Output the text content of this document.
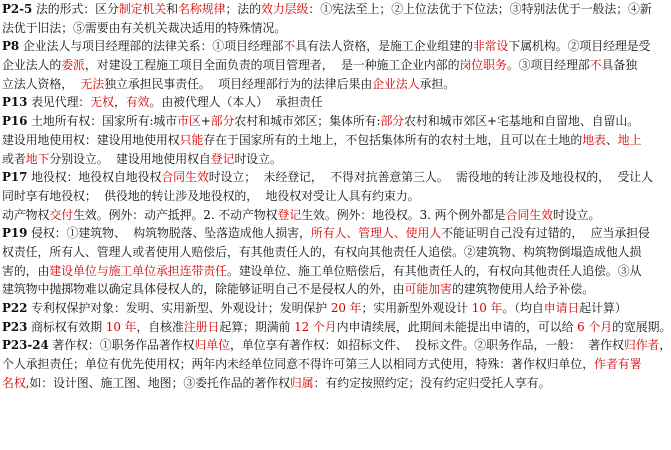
P2-5 法的形式：区分制定机关和名称规律；法的效力层级：①宪法至上；②上位法优于下位法；③特别法优于一般法；④新
法优于旧法；⑤需要由有关机关裁决适用的特殊情况。
P8 企业法人与项目经理部的法律关系：①项目经理部不具有法人资格，是施工企业组建的非常设下属机构。②项目经理是受
企业法人的委派，对建设工程施工项目全面负责的项目管理者，  是一种施工企业内部的岗位职务。③项目经理部不具备独
立法人资格，  无法独立承担民事责任。  项目经理部行为的法律后果由企业法人承担。
P13 表见代理：无权，有效。由被代理人（本人）  承担责任
P16 土地所有权：国家所有:城市市区+部分农村和城市郊区；集体所有:部分农村和城市郊区+宅基地和自留地、自留山。
建设用地使用权：建设用地使用权只能存在于国家所有的土地上，不包括集体所有的农村土地，且可以在土地的地表、地上
或者地下分别设立。  建设用地使用权自登记时设立。
P17 地役权：地役权自地役权合同生效时设立；  未经登记，  不得对抗善意第三人。  需役地的转让涉及地役权的，  受让人
同时享有地役权；  供役地的转让涉及地役权的，  地役权对受让人具有约束力。
动产物权交付生效。例外：动产抵押。2. 不动产物权登记生效。例外：地役权。3. 两个例外都是合同生效时设立。
P19 侵权：①建筑物、  构筑物脱落、坠落造成他人损害，所有人、管理人、使用人不能证明自己没有过错的，  应当承担侵
权责任，所有人、管理人或者使用人赔偿后，有其他责任人的，有权向其他责任人追偿。②建筑物、构筑物倒塌造成他人损
害的，由建设单位与施工单位承担连带责任。建设单位、施工单位赔偿后，有其他责任人的，有权向其他责任人追偿。③从
建筑物中抛掷物难以确定具体侵权人的，除能够证明自己不是侵权人的外，由可能加害的建筑物使用人给予补偿。
P22 专利权保护对象：发明、实用新型、外观设计；发明保护 20 年；实用新型外观设计 10 年。（均自申请日起计算）
P23 商标权有效期 10 年，自核准注册日起算；期满前 12 个月内申请续展，此期间未能提出申请的，可以给 6 个月的宽展期。
P23-24 著作权：①职务作品著作权归单位，单位享有著作权：如招标文件、  投标文件。②职务作品，一般：  著作权归作者，
个人承担责任；单位有优先使用权；两年内未经单位同意不得许可第三人以相同方式使用，特殊：著作权归单位，作者有署
名权,如：设计图、施工图、地图；③委托作品的著作权归属：有约定按照约定；没有约定归受托人享有。
